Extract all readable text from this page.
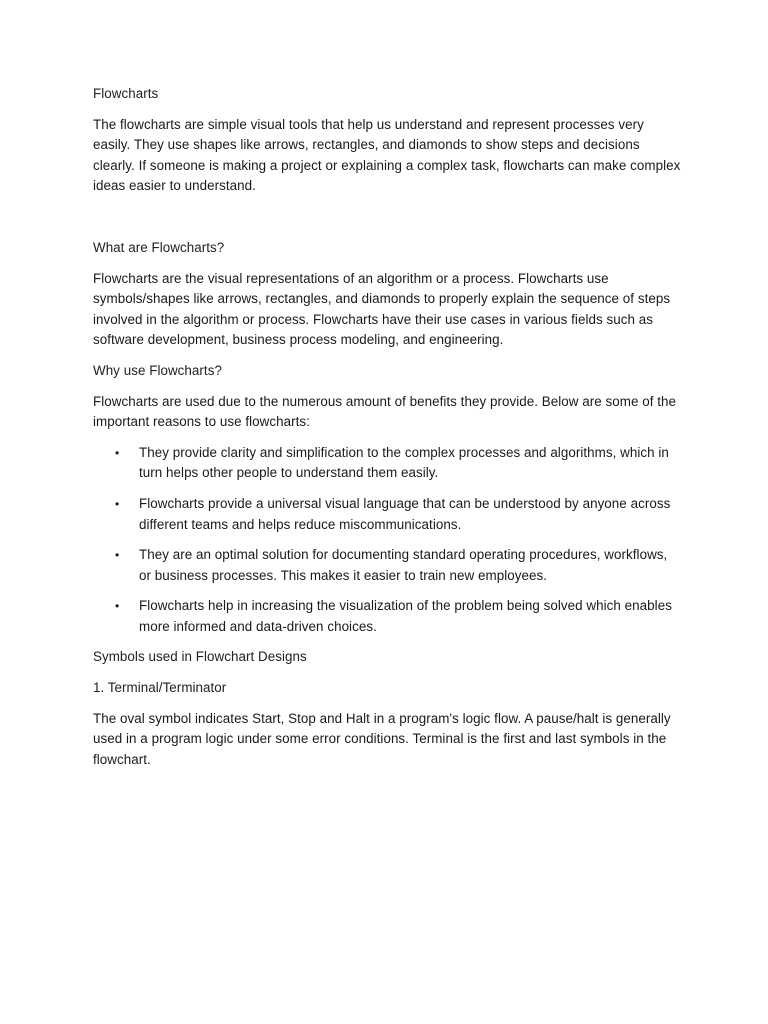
Flowcharts

The flowcharts are simple visual tools that help us understand and represent processes very easily. They use shapes like arrows, rectangles, and diamonds to show steps and decisions clearly. If someone is making a project or explaining a complex task, flowcharts can make complex ideas easier to understand.

What are Flowcharts?

Flowcharts are the visual representations of an algorithm or a process. Flowcharts use symbols/shapes like arrows, rectangles, and diamonds to properly explain the sequence of steps involved in the algorithm or process. Flowcharts have their use cases in various fields such as software development, business process modeling, and engineering.

Why use Flowcharts?

Flowcharts are used due to the numerous amount of benefits they provide. Below are some of the important reasons to use flowcharts:

• They provide clarity and simplification to the complex processes and algorithms, which in turn helps other people to understand them easily.
• Flowcharts provide a universal visual language that can be understood by anyone across different teams and helps reduce miscommunications.
• They are an optimal solution for documenting standard operating procedures, workflows, or business processes. This makes it easier to train new employees.
• Flowcharts help in increasing the visualization of the problem being solved which enables more informed and data-driven choices.

Symbols used in Flowchart Designs

1. Terminal/Terminator

The oval symbol indicates Start, Stop and Halt in a program's logic flow. A pause/halt is generally used in a program logic under some error conditions. Terminal is the first and last symbols in the flowchart.
